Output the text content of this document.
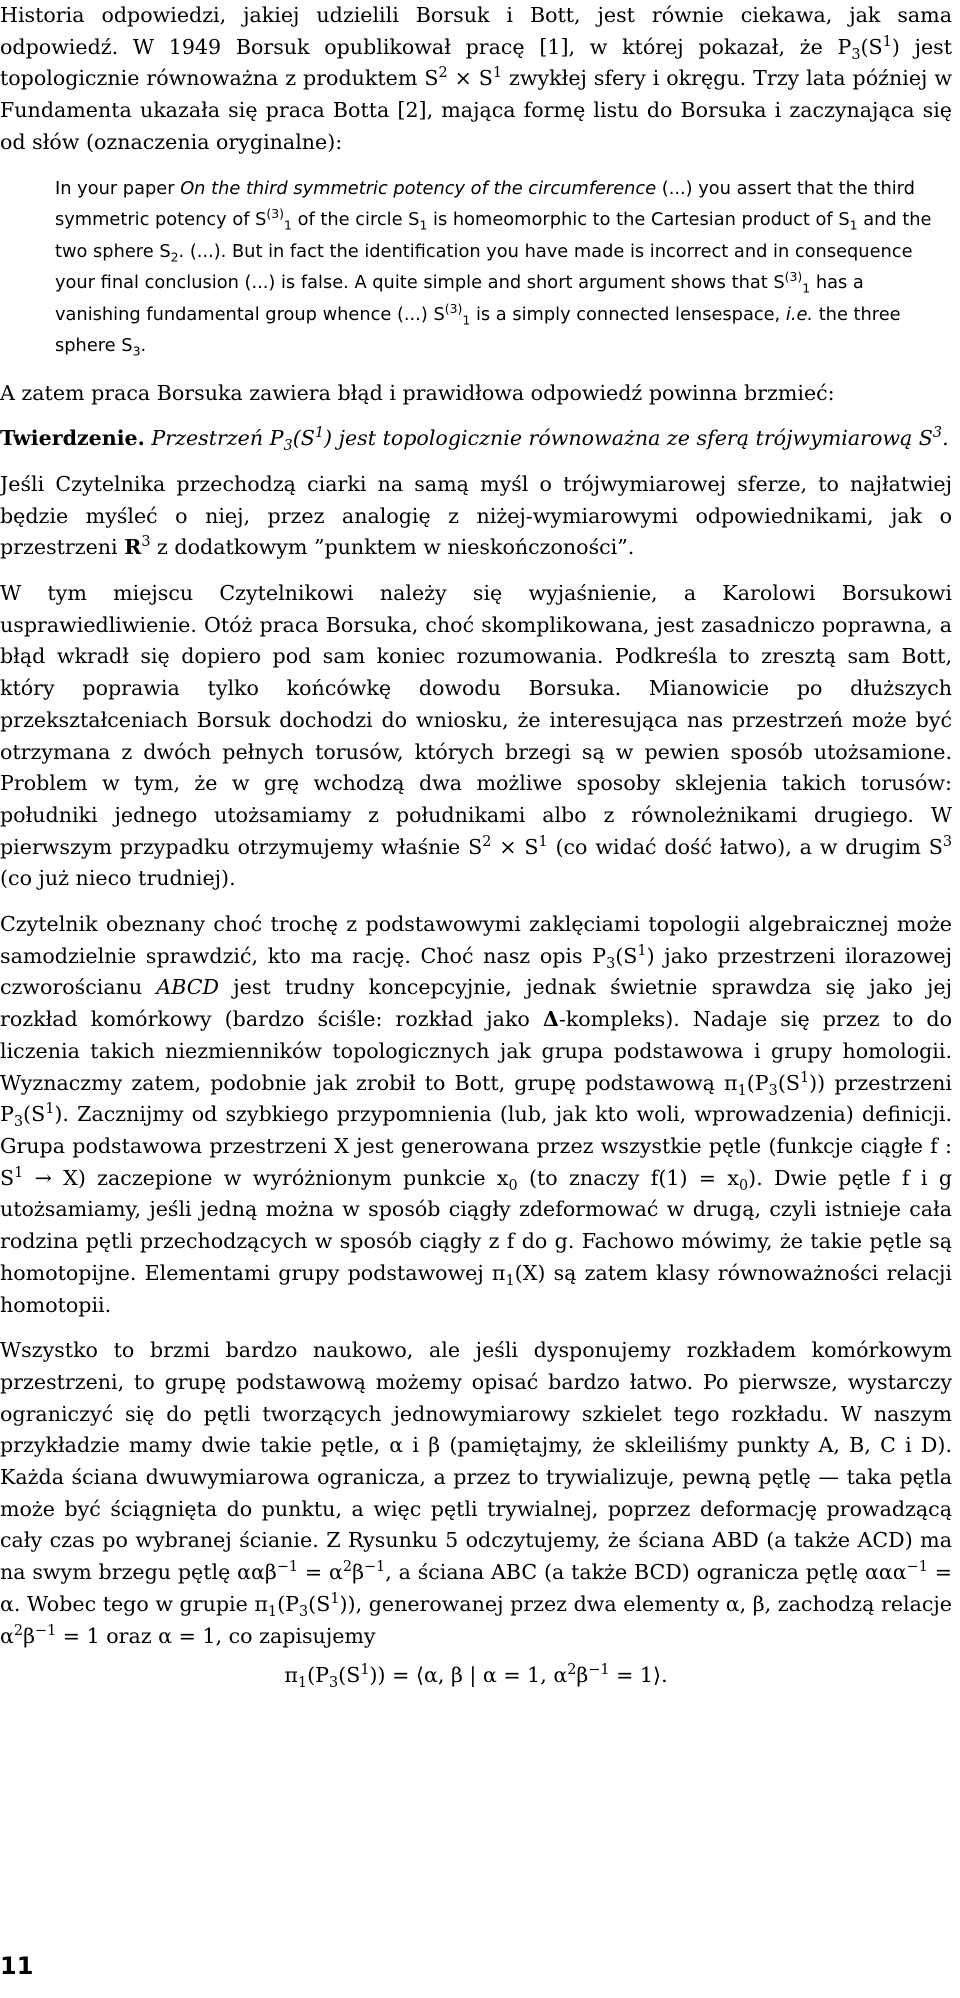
Historia odpowiedzi, jakiej udzielili Borsuk i Bott, jest równie ciekawa, jak sama odpowiedź. W 1949 Borsuk opublikował pracę [1], w której pokazał, że $P_3(S^1)$ jest topologicznie równoważna z produktem $S^2 \times S^1$ zwykłej sfery i okręgu. Trzy lata później w Fundamenta ukazała się praca Botta [2], mająca formę listu do Borsuka i zaczynająca się od słów (oznaczenia oryginalne):

In your paper On the third symmetric potency of the circumference (...) you assert that the third symmetric potency of $S^{(3)}_1$ of the circle $S_1$ is homeomorphic to the Cartesian product of $S_1$ and the two sphere $S_2$. (...). But in fact the identification you have made is incorrect and in consequence your final conclusion (...) is false. A quite simple and short argument shows that $S^{(3)}_1$ has a vanishing fundamental group whence (...) $S^{(3)}_1$ is a simply connected lensespace, i.e. the three sphere $S_3$.

A zatem praca Borsuka zawiera błąd i prawidłowa odpowiedź powinna brzmieć:

Twierdzenie. Przestrzeń $P_3(S^1)$ jest topologicznie równoważna ze sferą trójwymiarową $S^3$.

Jeśli Czytelnika przechodzą ciarki na samą myśl o trójwymiarowej sferze, to najłatwiej będzie myśleć o niej, przez analogię z niżej-wymiarowymi odpowiednikami, jak o przestrzeni $R^3$ z dodatkowym ”punktem w nieskończoności”.

W tym miejscu Czytelnikowi należy się wyjaśnienie, a Karolowi Borsukowi usprawiedliwienie. Otóż praca Borsuka, choć skomplikowana, jest zasadniczo poprawna, a błąd wkradł się dopiero pod sam koniec rozumowania. Podkreśla to zresztą sam Bott, który poprawia tylko końcówkę dowodu Borsuka. Mianowicie po dłuższych przekształceniach Borsuk dochodzi do wniosku, że interesująca nas przestrzeń może być otrzymana z dwóch pełnych torusów, których brzegi są w pewien sposób utożsamione. Problem w tym, że w grę wchodzą dwa możliwe sposoby sklejenia takich torusów: południki jednego utożsamiamy z południkami albo z równoleżnikami drugiego. W pierwszym przypadku otrzymujemy właśnie $S^2 \times S^1$ (co widać dość łatwo), a w drugim $S^3$ (co już nieco trudniej).

Czytelnik obeznany choć trochę z podstawowymi zaklęciami topologii algebraicznej może samodzielnie sprawdzić, kto ma rację. Choć nasz opis $P_3(S^1)$ jako przestrzeni ilorazowej czworościanu ABCD jest trudny koncepcyjnie, jednak świetnie sprawdza się jako jej rozkład komórkowy (bardzo ściśle: rozkład jako Δ-kompleks). Nadaje się przez to do liczenia takich niezmienników topologicznych jak grupa podstawowa i grupy homologii. Wyznaczmy zatem, podobnie jak zrobił to Bott, grupę podstawową $\pi_1(P_3(S^1))$ przestrzeni $P_3(S^1)$. Zacznijmy od szybkiego przypomnienia (lub, jak kto woli, wprowadzenia) definicji. Grupa podstawowa przestrzeni X jest generowana przez wszystkie pętle (funkcje ciągłe f : $S^1 \to X$) zaczepione w wyróżnionym punkcie $x_0$ (to znaczy $f(1) = x_0$). Dwie pętle f i g utożsamiamy, jeśli jedną można w sposób ciągły zdeformować w drugą, czyli istnieje cała rodzina pętli przechodzących w sposób ciągły z f do g. Fachowo mówimy, że takie pętle są homotopijne. Elementami grupy podstawowej $\pi_1(X)$ są zatem klasy równoważności relacji homotopii.

Wszystko to brzmi bardzo naukowo, ale jeśli dysponujemy rozkładem komórkowym przestrzeni, to grupę podstawową możemy opisać bardzo łatwo. Po pierwsze, wystarczy ograniczyć się do pętli tworzących jednowymiarowy szkielet tego rozkładu. W naszym przykładzie mamy dwie takie pętle, α i β (pamiętajmy, że skleiliśmy punkty A, B, C i D). Każda ściana dwuwymiarowa ogranicza, a przez to trywializuje, pewną pętlę — taka pętla może być ściągnięta do punktu, a więc pętli trywialnej, poprzez deformację prowadzącą cały czas po wybranej ścianie. Z Rysunku 5 odczytujemy, że ściana ABD (a także ACD) ma na swym brzegu pętlę $\alpha\alpha\beta^{-1} = \alpha^2\beta^{-1}$, a ściana ABC (a także BCD) ogranicza pętlę ααα$^{-1}$ = α. Wobec tego w grupie $\pi_1(P_3(S^1))$, generowanej przez dwa elementy α, β, zachodzą relacje $\alpha^2\beta^{-1} = 1$ oraz α = 1, co zapisujemy

$\pi_1(P_3(S^1))$ = ⟨α, β | α = 1, $\alpha^2\beta^{-1}$ = 1⟩.
11
